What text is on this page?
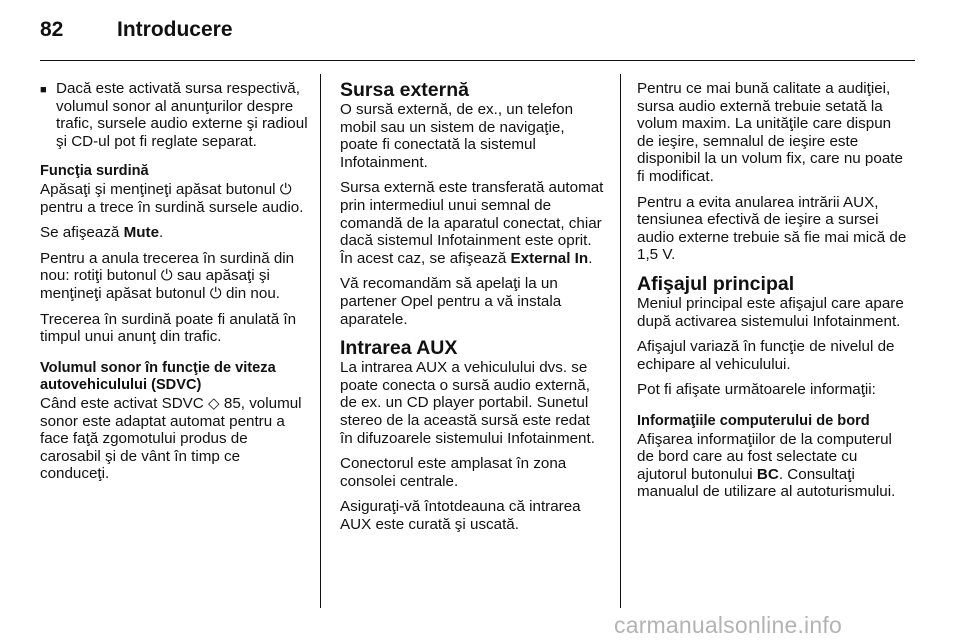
82	Introducere
■ Dacă este activată sursa respectivă, volumul sonor al anunţurilor despre trafic, sursele audio externe şi radioul şi CD-ul pot fi reglate separat.
Funcţia surdină

Apăsaţi şi menţineţi apăsat butonul ⏻ pentru a trece în surdină sursele audio.

Se afişează Mute.

Pentru a anula trecerea în surdină din nou: rotiţi butonul ⏻ sau apăsaţi şi menţineţi apăsat butonul ⏻ din nou.

Trecerea în surdină poate fi anulată în timpul unui anunţ din trafic.

Volumul sonor în funcţie de viteza autovehiculului (SDVC)

Când este activat SDVC ◇ 85, volumul sonor este adaptat automat pentru a face faţă zgomotului produs de carosabil şi de vânt în timp ce conduceţi.

Sursa externă

O sursă externă, de ex., un telefon mobil sau un sistem de navigaţie, poate fi conectată la sistemul Infotainment.

Sursa externă este transferată automat prin intermediul unui semnal de comandă de la aparatul conectat, chiar dacă sistemul Infotainment este oprit. În acest caz, se afişează External In.

Vă recomandăm să apelaţi la un partener Opel pentru a vă instala aparatele.

Intrarea AUX

La intrarea AUX a vehiculului dvs. se poate conecta o sursă audio externă, de ex. un CD player portabil. Sunetul stereo de la această sursă este redat în difuzoarele sistemului Infotainment.

Conectorul este amplasat în zona consolei centrale.

Asiguraţi-vă întotdeauna că intrarea AUX este curată şi uscată.

Pentru ce mai bună calitate a audiţiei, sursa audio externă trebuie setată la volum maxim. La unităţile care dispun de ieşire, semnalul de ieşire este disponibil la un volum fix, care nu poate fi modificat.

Pentru a evita anularea intrării AUX, tensiunea efectivă de ieşire a sursei audio externe trebuie să fie mai mică de 1,5 V.

Afişajul principal

Meniul principal este afişajul care apare după activarea sistemului Infotainment.

Afişajul variază în funcţie de nivelul de echipare al vehiculului.

Pot fi afişate următoarele informaţii:

Informaţiile computerului de bord

Afişarea informaţiilor de la computerul de bord care au fost selectate cu ajutorul butonului BC. Consultaţi manualul de utilizare al autoturismului.

carmanualsonline.info
